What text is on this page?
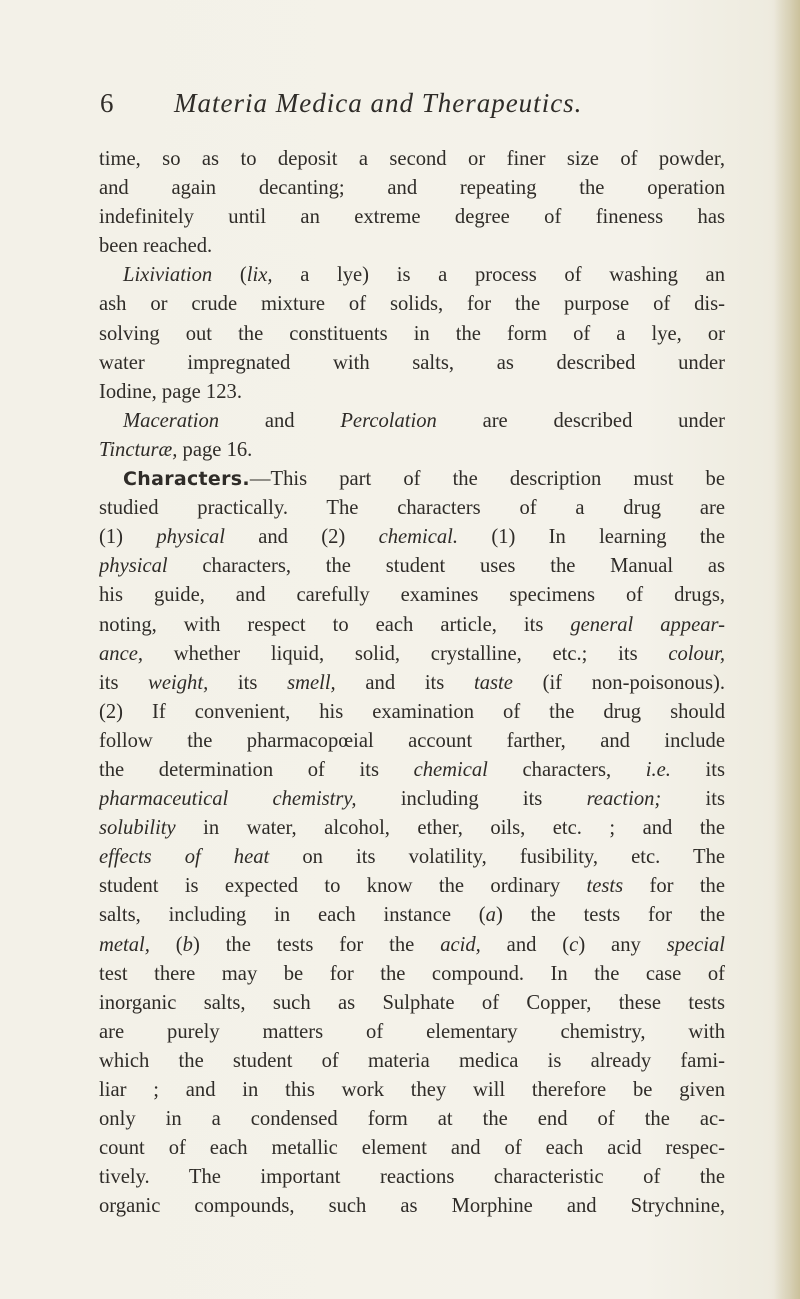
6 Materia Medica and Therapeutics.
time, so as to deposit a second or finer size of powder,
and again decanting; and repeating the operation
indefinitely until an extreme degree of fineness has
been reached.
Lixiviation (lix, a lye) is a process of washing an
ash or crude mixture of solids, for the purpose of dis-
solving out the constituents in the form of a lye, or
water impregnated with salts, as described under
Iodine, page 123.
Maceration and Percolation are described under
Tincturæ, page 16.
Characters.—This part of the description must be
studied practically. The characters of a drug are
(1) physical and (2) chemical. (1) In learning the
physical characters, the student uses the Manual as
his guide, and carefully examines specimens of drugs,
noting, with respect to each article, its general appear-
ance, whether liquid, solid, crystalline, etc.; its colour,
its weight, its smell, and its taste (if non-poisonous).
(2) If convenient, his examination of the drug should
follow the pharmacopœial account farther, and include
the determination of its chemical characters, i.e. its
pharmaceutical chemistry, including its reaction; its
solubility in water, alcohol, ether, oils, etc. ; and the
effects of heat on its volatility, fusibility, etc. The
student is expected to know the ordinary tests for the
salts, including in each instance (a) the tests for the
metal, (b) the tests for the acid, and (c) any special
test there may be for the compound. In the case of
inorganic salts, such as Sulphate of Copper, these tests
are purely matters of elementary chemistry, with
which the student of materia medica is already fami-
liar ; and in this work they will therefore be given
only in a condensed form at the end of the ac-
count of each metallic element and of each acid respec-
tively. The important reactions characteristic of the
organic compounds, such as Morphine and Strychnine,
